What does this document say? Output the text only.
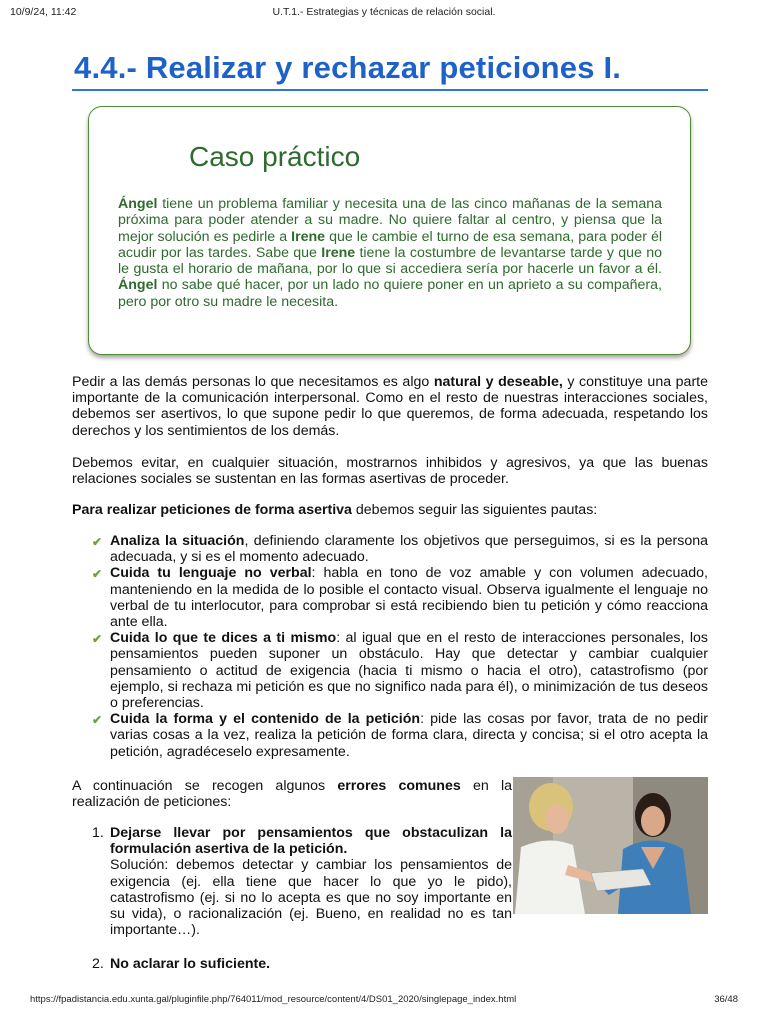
10/9/24, 11:42	U.T.1.- Estrategias y técnicas de relación social.
4.4.- Realizar y rechazar peticiones I.
Caso práctico

Ángel tiene un problema familiar y necesita una de las cinco mañanas de la semana próxima para poder atender a su madre. No quiere faltar al centro, y piensa que la mejor solución es pedirle a Irene que le cambie el turno de esa semana, para poder él acudir por las tardes. Sabe que Irene tiene la costumbre de levantarse tarde y que no le gusta el horario de mañana, por lo que si accediera sería por hacerle un favor a él. Ángel no sabe qué hacer, por un lado no quiere poner en un aprieto a su compañera, pero por otro su madre le necesita.

Pedir a las demás personas lo que necesitamos es algo natural y deseable, y constituye una parte importante de la comunicación interpersonal. Como en el resto de nuestras interacciones sociales, debemos ser asertivos, lo que supone pedir lo que queremos, de forma adecuada, respetando los derechos y los sentimientos de los demás.

Debemos evitar, en cualquier situación, mostrarnos inhibidos y agresivos, ya que las buenas relaciones sociales se sustentan en las formas asertivas de proceder.

Para realizar peticiones de forma asertiva debemos seguir las siguientes pautas:

✔ Analiza la situación, definiendo claramente los objetivos que perseguimos, si es la persona adecuada, y si es el momento adecuado.
✔ Cuida tu lenguaje no verbal: habla en tono de voz amable y con volumen adecuado, manteniendo en la medida de lo posible el contacto visual. Observa igualmente el lenguaje no verbal de tu interlocutor, para comprobar si está recibiendo bien tu petición y cómo reacciona ante ella.
✔ Cuida lo que te dices a ti mismo: al igual que en el resto de interacciones personales, los pensamientos pueden suponer un obstáculo. Hay que detectar y cambiar cualquier pensamiento o actitud de exigencia (hacia ti mismo o hacia el otro), catastrofismo (por ejemplo, si rechaza mi petición es que no significo nada para él), o minimización de tus deseos o preferencias.
✔ Cuida la forma y el contenido de la petición: pide las cosas por favor, trata de no pedir varias cosas a la vez, realiza la petición de forma clara, directa y concisa; si el otro acepta la petición, agradéceselo expresamente.

A continuación se recogen algunos errores comunes en la realización de peticiones:

1. Dejarse llevar por pensamientos que obstaculizan la formulación asertiva de la petición.
Solución: debemos detectar y cambiar los pensamientos de exigencia (ej. ella tiene que hacer lo que yo le pido), catastrofismo (ej. si no lo acepta es que no soy importante en su vida), o racionalización (ej. Bueno, en realidad no es tan importante…).
2. No aclarar lo suficiente.
https://fpadistancia.edu.xunta.gal/pluginfile.php/764011/mod_resource/content/4/DS01_2020/singlepage_index.html	36/48
